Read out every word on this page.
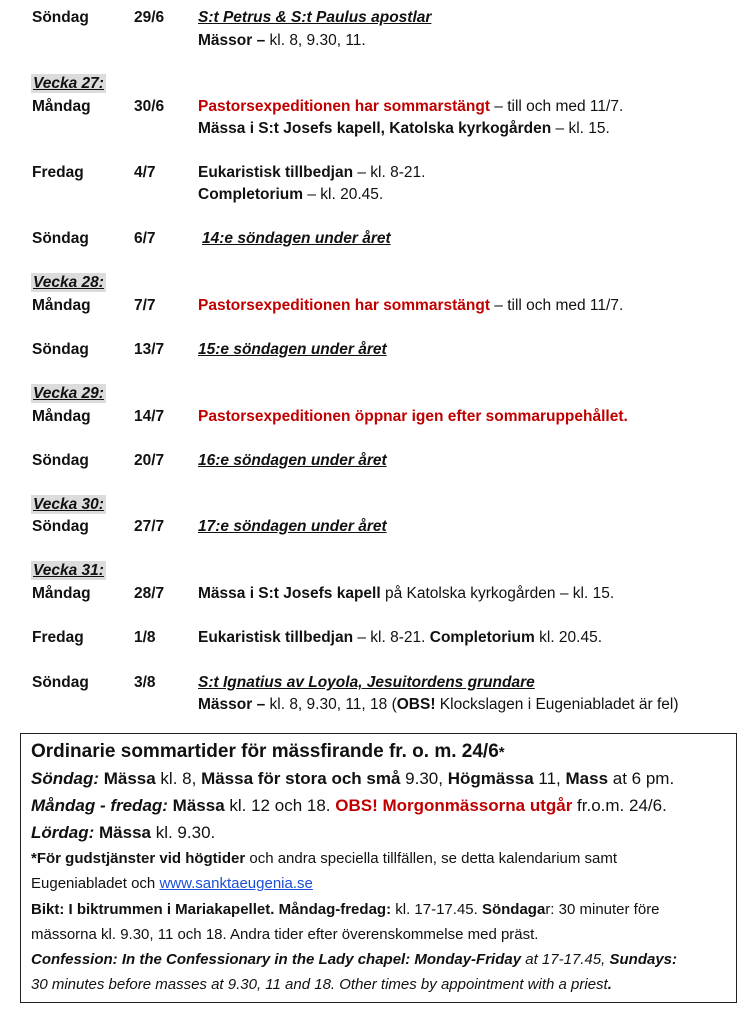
Söndag	29/6 S:t Petrus & S:t Paulus apostlar
Mässor – kl. 8, 9.30, 11.
Vecka 27:
Måndag	30/6 Pastorsexpeditionen har sommarstängt – till och med 11/7.
Mässa i S:t Josefs kapell, Katolska kyrkogården – kl. 15.
Fredag	4/7	Eukaristisk tillbedjan – kl. 8-21.
Completorium – kl. 20.45.
Söndag	6/7	14:e söndagen under året
Vecka 28:
Måndag	7/7	Pastorsexpeditionen har sommarstängt – till och med 11/7.
Söndag	13/7 15:e söndagen under året
Vecka 29:
Måndag	14/7 Pastorsexpeditionen öppnar igen efter sommaruppehållet.
Söndag	20/7 16:e söndagen under året
Vecka 30:
Söndag	27/7 17:e söndagen under året
Vecka 31:
Måndag	28/7 Mässa i S:t Josefs kapell på Katolska kyrkogården – kl. 15.
Fredag	1/8	Eukaristisk tillbedjan – kl. 8-21. Completorium kl. 20.45.
Söndag	3/8	S:t Ignatius av Loyola, Jesuitordens grundare
Mässor – kl. 8, 9.30, 11, 18 (OBS! Klockslagen i Eugeniabladet är fel)
Ordinarie sommartider för mässfirande fr. o. m. 24/6*
Söndag: Mässa kl. 8, Mässa för stora och små 9.30, Högmässa 11, Mass at 6 pm.
Måndag - fredag: Mässa kl. 12 och 18. OBS! Morgonmässorna utgår fr.o.m. 24/6.
Lördag: Mässa kl. 9.30.
*För gudstjänster vid högtider och andra speciella tillfällen, se detta kalendarium samt
Eugeniabladet och www.sanktaeugenia.se
Bikt: I biktrummen i Mariakapellet. Måndag-fredag: kl. 17-17.45. Söndagar: 30 minuter före
mässorna kl. 9.30, 11 och 18. Andra tider efter överenskommelse med präst.
Confession: In the Confessionary in the Lady chapel: Monday-Friday at 17-17.45, Sundays:
30 minutes before masses at 9.30, 11 and 18. Other times by appointment with a priest.
